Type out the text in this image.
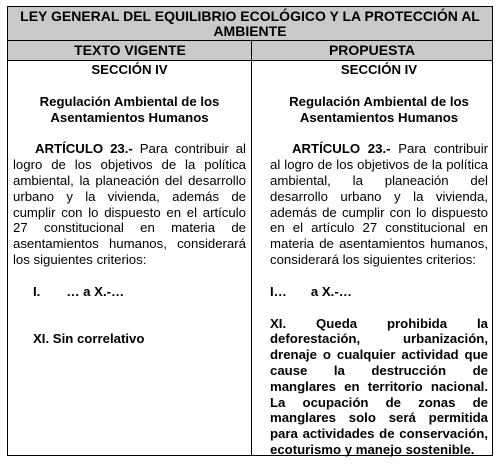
LEY GENERAL DEL EQUILIBRIO ECOLÓGICO Y LA PROTECCIÓN AL AMBIENTE
TEXTO VIGENTE	PROPUESTA

SECCIÓN IV

Regulación Ambiental de los

Asentamientos Humanos

ARTÍCULO 23.- Para contribuir al logro de los objetivos de la política ambiental, la planeación del desarrollo urbano y la vivienda, además de cumplir con lo dispuesto en el artículo 27 constitucional en materia de asentamientos humanos, considerará los siguientes criterios:

I. … a X.-…

XI. Sin correlativo

SECCIÓN IV

Regulación Ambiental de los

Asentamientos Humanos

ARTÍCULO 23.- Para contribuir al logro de los objetivos de la política ambiental, la planeación del desarrollo urbano y la vivienda, además de cumplir con lo dispuesto en el artículo 27 constitucional en materia de asentamientos humanos, considerará los siguientes criterios:

I… a X.-…

XI. Queda prohibida la deforestación, urbanización, drenaje o cualquier actividad que cause la destrucción de manglares en territorio nacional. La ocupación de zonas de manglares solo será permitida para actividades de conservación, ecoturismo y manejo sostenible.
